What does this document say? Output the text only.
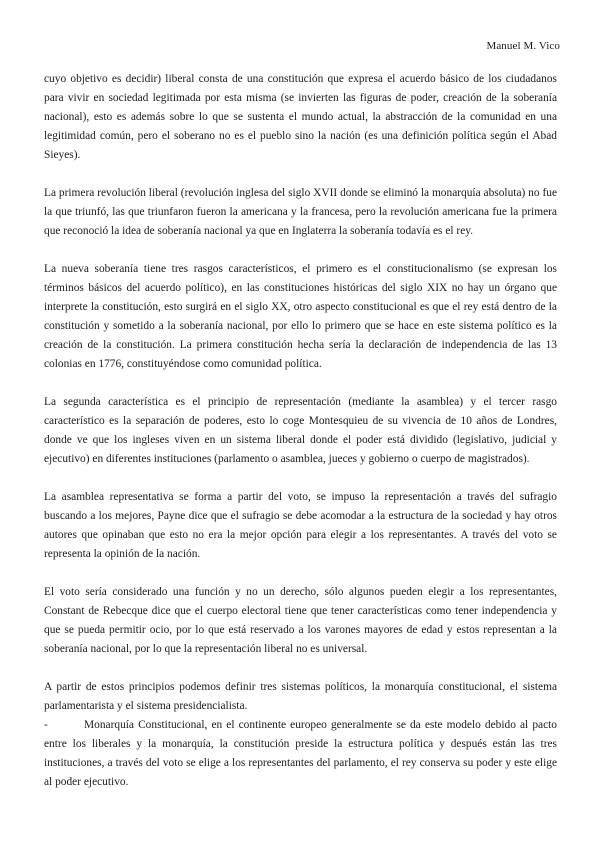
Manuel M. Vico

cuyo objetivo es decidir) liberal consta de una constitución que expresa el acuerdo básico de los ciudadanos para vivir en sociedad legitimada por esta misma (se invierten las figuras de poder, creación de la soberanía nacional), esto es además sobre lo que se sustenta el mundo actual, la abstracción de la comunidad en una legitimidad común, pero el soberano no es el pueblo sino la nación (es una definición política según el Abad Sieyes).

La primera revolución liberal (revolución inglesa del siglo XVII donde se eliminó la monarquía absoluta) no fue la que triunfó, las que triunfaron fueron la americana y la francesa, pero la revolución americana fue la primera que reconoció la idea de soberanía nacional ya que en Inglaterra la soberanía todavía es el rey.

La nueva soberanía tiene tres rasgos característicos, el primero es el constitucionalismo (se expresan los términos básicos del acuerdo político), en las constituciones históricas del siglo XIX no hay un órgano que interprete la constitución, esto surgirá en el siglo XX, otro aspecto constitucional es que el rey está dentro de la constitución y sometido a la soberanía nacional, por ello lo primero que se hace en este sistema político es la creación de la constitución. La primera constitución hecha sería la declaración de independencia de las 13 colonias en 1776, constituyéndose como comunidad política.

La segunda característica es el principio de representación (mediante la asamblea) y el tercer rasgo característico es la separación de poderes, esto lo coge Montesquieu de su vivencia de 10 años de Londres, donde ve que los ingleses viven en un sistema liberal donde el poder está dividido (legislativo, judicial y ejecutivo) en diferentes instituciones (parlamento o asamblea, jueces y gobierno o cuerpo de magistrados).

La asamblea representativa se forma a partir del voto, se impuso la representación a través del sufragio buscando a los mejores, Payne dice que el sufragio se debe acomodar a la estructura de la sociedad y hay otros autores que opinaban que esto no era la mejor opción para elegir a los representantes. A través del voto se representa la opinión de la nación.

El voto sería considerado una función y no un derecho, sólo algunos pueden elegir a los representantes, Constant de Rebecque dice que el cuerpo electoral tiene que tener características como tener independencia y que se pueda permitir ocio, por lo que está reservado a los varones mayores de edad y estos representan a la soberanía nacional, por lo que la representación liberal no es universal.

A partir de estos principios podemos definir tres sistemas políticos, la monarquía constitucional, el sistema parlamentarista y el sistema presidencialista.

-	Monarquía Constitucional, en el continente europeo generalmente se da este modelo debido al pacto entre los liberales y la monarquía, la constitución preside la estructura política y después están las tres instituciones, a través del voto se elige a los representantes del parlamento, el rey conserva su poder y este elige al poder ejecutivo.
